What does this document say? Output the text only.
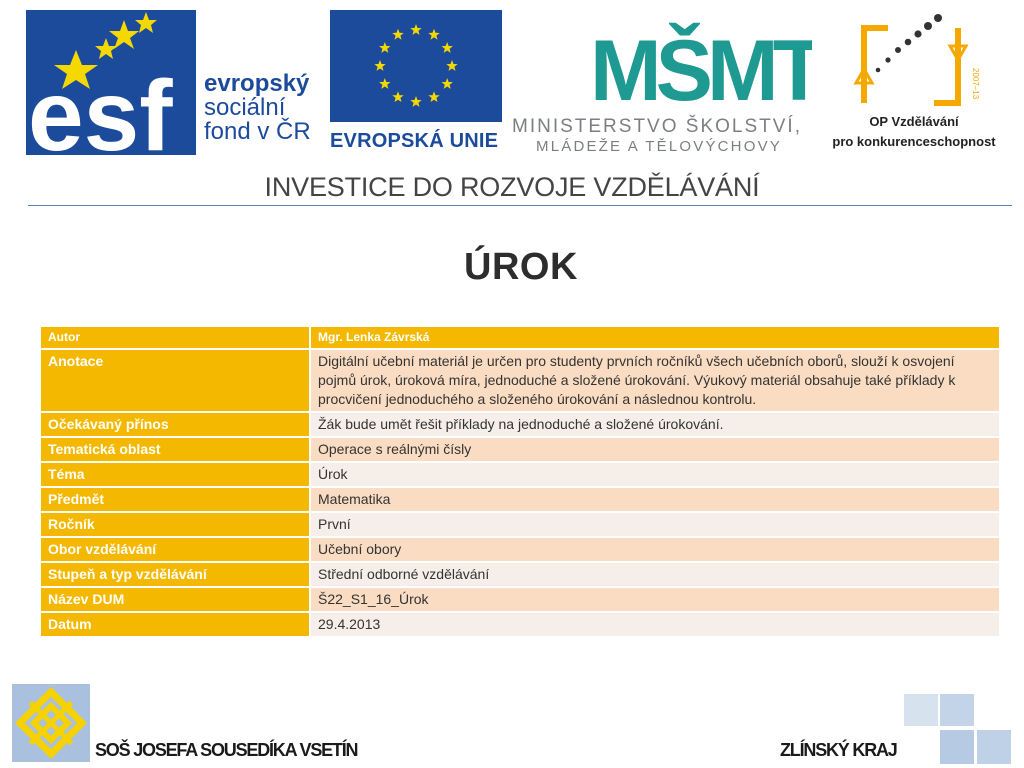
esf evropský
sociální
fond v ČR EVROPSKÁ UNIE
MŠMT
MINISTERSTVO ŠKOLSTVÍ,
MLÁDEŽE A TĚLOVÝCHOVY
2007–13
OP Vzdělávání
pro konkurenceschopnost
INVESTICE DO ROZVOJE VZDĚLÁVÁNÍ
ÚROK
Autor	Mgr. Lenka Závrská
Anotace	Digitální učební materiál je určen pro studenty prvních ročníků všech učebních oborů, slouží k osvojení pojmů úrok, úroková míra, jednoduché a složené úrokování. Výukový materiál obsahuje také příklady k procvičení jednoduchého a složeného úrokování a následnou kontrolu.
Očekávaný přínos	Žák bude umět řešit příklady na jednoduché a složené úrokování.
Tematická oblast	Operace s reálnými čísly
Téma	Úrok
Předmět	Matematika
Ročník	První
Obor vzdělávání	Učební obory
Stupeň a typ vzdělávání	Střední odborné vzdělávání
Název DUM	Š22_S1_16_Úrok
Datum	29.4.2013
SOŠ JOSEFA SOUSEDÍKA VSETÍN	ZLÍNSKÝ KRAJ
